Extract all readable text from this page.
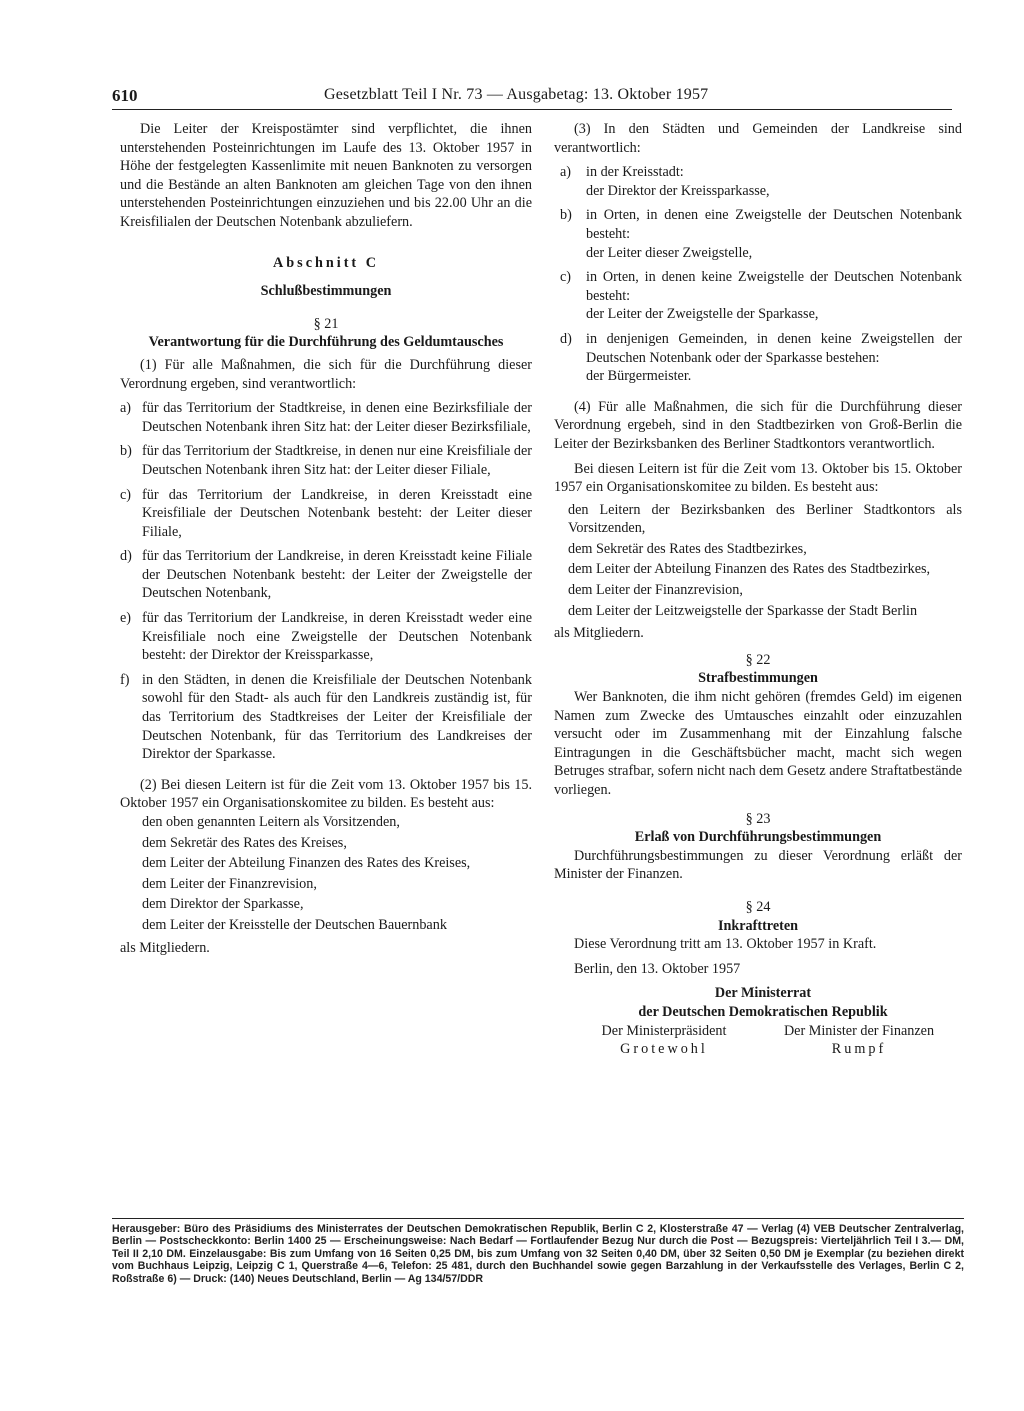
610	Gesetzblatt Teil I Nr. 73 — Ausgabetag: 13. Oktober 1957

Die Leiter der Kreispostämter sind verpflichtet, die ihnen unterstehenden Posteinrichtungen im Laufe des 13. Oktober 1957 in Höhe der festgelegten Kassenlimite mit neuen Banknoten zu versorgen und die Bestände an alten Banknoten am gleichen Tage von den ihnen unterstehenden Posteinrichtungen einzuziehen und bis 22.00 Uhr an die Kreisfilialen der Deutschen Notenbank abzuliefern.

Abschnitt C

Schlußbestimmungen

§ 21

Verantwortung für die Durchführung des Geldumtausches

(1) Für alle Maßnahmen, die sich für die Durchführung dieser Verordnung ergeben, sind verantwortlich:

a) für das Territorium der Stadtkreise, in denen eine Bezirksfiliale der Deutschen Notenbank ihren Sitz hat: der Leiter dieser Bezirksfiliale,
b) für das Territorium der Stadtkreise, in denen nur eine Kreisfiliale der Deutschen Notenbank ihren Sitz hat: der Leiter dieser Filiale,
c) für das Territorium der Landkreise, in deren Kreisstadt eine Kreisfiliale der Deutschen Notenbank besteht: der Leiter dieser Filiale,
d) für das Territorium der Landkreise, in deren Kreisstadt keine Filiale der Deutschen Notenbank besteht: der Leiter der Zweigstelle der Deutschen Notenbank,
e) für das Territorium der Landkreise, in deren Kreisstadt weder eine Kreisfiliale noch eine Zweigstelle der Deutschen Notenbank besteht: der Direktor der Kreissparkasse,
f) in den Städten, in denen die Kreisfiliale der Deutschen Notenbank sowohl für den Stadt- als auch für den Landkreis zuständig ist, für das Territorium des Stadtkreises der Leiter der Kreisfiliale der Deutschen Notenbank, für das Territorium des Landkreises der Direktor der Sparkasse.

(2) Bei diesen Leitern ist für die Zeit vom 13. Oktober 1957 bis 15. Oktober 1957 ein Organisationskomitee zu bilden. Es besteht aus:

den oben genannten Leitern als Vorsitzenden,

dem Sekretär des Rates des Kreises,

dem Leiter der Abteilung Finanzen des Rates des Kreises,

dem Leiter der Finanzrevision,

dem Direktor der Sparkasse,

dem Leiter der Kreisstelle der Deutschen Bauernbank

als Mitgliedern.

(3) In den Städten und Gemeinden der Landkreise sind verantwortlich:

a) in der Kreisstadt:
der Direktor der Kreissparkasse,
b) in Orten, in denen eine Zweigstelle der Deutschen Notenbank besteht:
der Leiter dieser Zweigstelle,
c) in Orten, in denen keine Zweigstelle der Deutschen Notenbank besteht:
der Leiter der Zweigstelle der Sparkasse,
d) in denjenigen Gemeinden, in denen keine Zweigstellen der Deutschen Notenbank oder der Sparkasse bestehen:
der Bürgermeister.

(4) Für alle Maßnahmen, die sich für die Durchführung dieser Verordnung ergebeh, sind in den Stadtbezirken von Groß-Berlin die Leiter der Bezirksbanken des Berliner Stadtkontors verantwortlich.

Bei diesen Leitern ist für die Zeit vom 13. Oktober bis 15. Oktober 1957 ein Organisationskomitee zu bilden. Es besteht aus:

den Leitern der Bezirksbanken des Berliner Stadtkontors als Vorsitzenden,

dem Sekretär des Rates des Stadtbezirkes,

dem Leiter der Abteilung Finanzen des Rates des Stadtbezirkes,

dem Leiter der Finanzrevision,

dem Leiter der Leitzweigstelle der Sparkasse der Stadt Berlin

als Mitgliedern.

§ 22

Strafbestimmungen

Wer Banknoten, die ihm nicht gehören (fremdes Geld) im eigenen Namen zum Zwecke des Umtausches einzahlt oder einzuzahlen versucht oder im Zusammenhang mit der Einzahlung falsche Eintragungen in die Geschäftsbücher macht, macht sich wegen Betruges strafbar, sofern nicht nach dem Gesetz andere Straftatbestände vorliegen.

§ 23

Erlaß von Durchführungsbestimmungen

Durchführungsbestimmungen zu dieser Verordnung erläßt der Minister der Finanzen.

§ 24

Inkrafttreten

Diese Verordnung tritt am 13. Oktober 1957 in Kraft.

Berlin, den 13. Oktober 1957

Der Ministerrat

der Deutschen Demokratischen Republik

Der Ministerpräsident
Grotewohl
Der Minister der Finanzen
Rumpf
Herausgeber: Büro des Präsidiums des Ministerrates der Deutschen Demokratischen Republik, Berlin C 2, Klosterstraße 47 — Verlag (4) VEB Deutscher Zentralverlag, Berlin — Postscheckkonto: Berlin 1400 25 — Erscheinungsweise: Nach Bedarf — Fortlaufender Bezug Nur durch die Post — Bezugspreis: Vierteljährlich Teil I 3.— DM, Teil II 2,10 DM. Einzelausgabe: Bis zum Umfang von 16 Seiten 0,25 DM, bis zum Umfang von 32 Seiten 0,40 DM, über 32 Seiten 0,50 DM je Exemplar (zu beziehen direkt vom Buchhaus Leipzig, Leipzig C 1, Querstraße 4—6, Telefon: 25 481, durch den Buchhandel sowie gegen Barzahlung in der Verkaufsstelle des Verlages, Berlin C 2, Roßstraße 6) — Druck: (140) Neues Deutschland, Berlin — Ag 134/57/DDR
